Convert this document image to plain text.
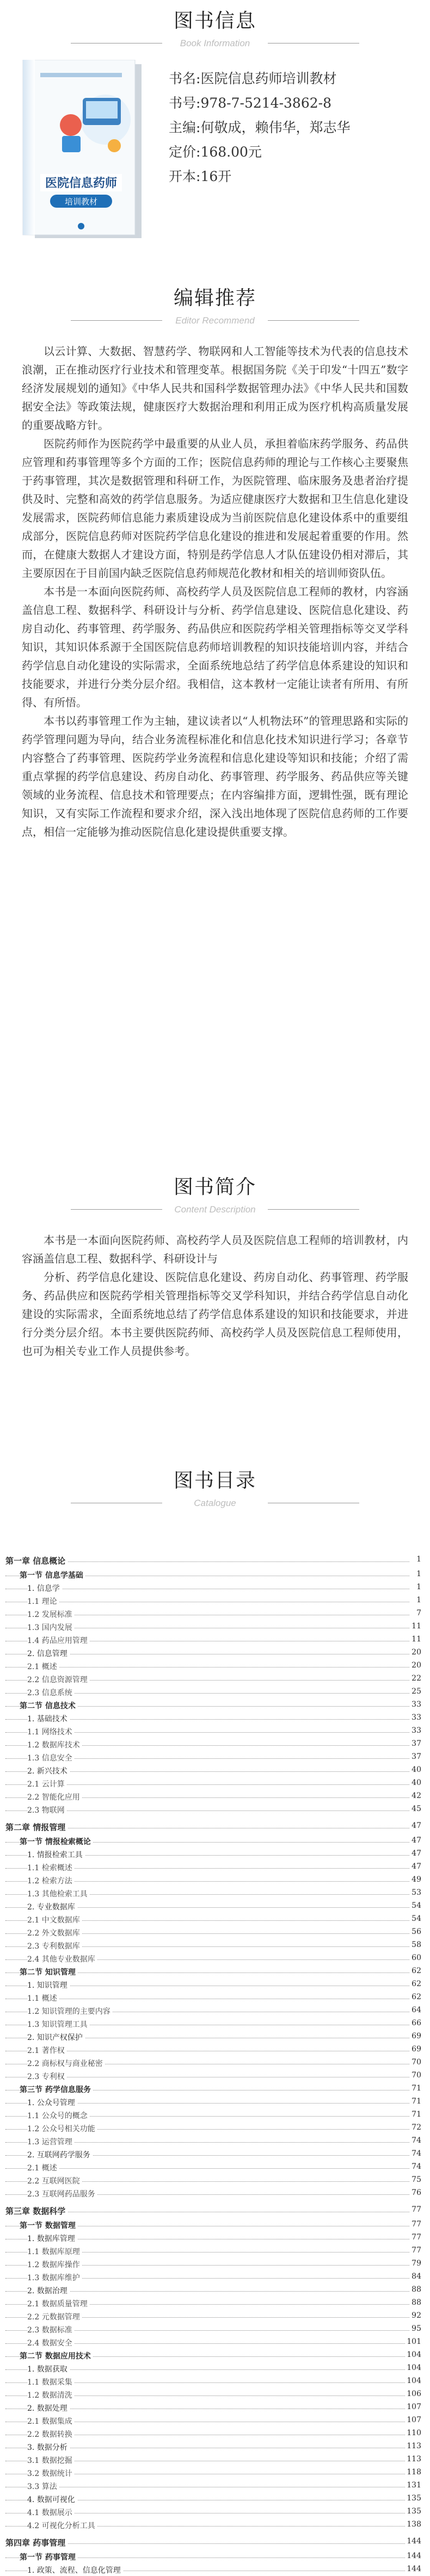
图书信息
Book Information
医院信息药师
培训教材
书名:医院信息药师培训教材
书号:978-7-5214-3862-8
主编:何敬成，赖伟华，郑志华
定价:168.00元
开本:16开
编辑推荐
Editor Recommend

以云计算、大数据、智慧药学、物联网和人工智能等技术为代表的信息技术浪潮，正在推动医疗行业技术和管理变革。根据国务院《关于印发“十四五”数字经济发展规划的通知》《中华人民共和国科学数据管理办法》《中华人民共和国数据安全法》等政策法规，健康医疗大数据治理和利用正成为医疗机构高质量发展的重要战略方针。

医院药师作为医院药学中最重要的从业人员，承担着临床药学服务、药品供应管理和药事管理等多个方面的工作；医院信息药师的理论与工作核心主要聚焦于药事管理，其次是数据管理和科研工作，为医院管理、临床服务及患者治疗提供及时、完整和高效的药学信息服务。为适应健康医疗大数据和卫生信息化建设发展需求，医院药师信息能力素质建设成为当前医院信息化建设体系中的重要组成部分，医院信息药师对医院药学信息化建设的推进和发展起着重要的作用。然而，在健康大数据人才建设方面，特别是药学信息人才队伍建设仍相对滞后，其主要原因在于目前国内缺乏医院信息药师规范化教材和相关的培训师资队伍。

本书是一本面向医院药师、高校药学人员及医院信息工程师的教材，内容涵盖信息工程、数据科学、科研设计与分析、药学信息建设、医院信息化建设、药房自动化、药事管理、药学服务、药品供应和医院药学相关管理指标等交叉学科知识，其知识体系源于全国医院信息药师培训教程的知识技能培训内容，并结合药学信息自动化建设的实际需求，全面系统地总结了药学信息体系建设的知识和技能要求，并进行分类分层介绍。我相信，这本教材一定能让读者有所用、有所得、有所悟。

本书以药事管理工作为主轴，建议读者以“人机物法环”的管理思路和实际的药学管理问题为导向，结合业务流程标准化和信息化技术知识进行学习；各章节内容整合了药事管理、医院药学业务流程和信息化建设等知识和技能；介绍了需重点掌握的药学信息建设、药房自动化、药事管理、药学服务、药品供应等关键领域的业务流程、信息技术和管理要点；在内容编排方面，逻辑性强，既有理论知识，又有实际工作流程和要求介绍，深入浅出地体现了医院信息药师的工作要点，相信一定能够为推动医院信息化建设提供重要支撑。

图书简介
Content Description

本书是一本面向医院药师、高校药学人员及医院信息工程师的培训教材，内容涵盖信息工程、数据科学、科研设计与

分析、药学信息化建设、医院信息化建设、药房自动化、药事管理、药学服务、药品供应和医院药学相关管理指标等交叉学科知识，并结合药学信息自动化建设的实际需求，全面系统地总结了药学信息体系建设的知识和技能要求，并进行分类分层介绍。本书主要供医院药师、高校药学人员及医院信息工程师使用，也可为相关专业工作人员提供参考。

图书目录
Catalogue
第一章 信息概论	1
第一节 信息学基础	1
1. 信息学	1
1.1 理论	1
1.2 发展标准	7
1.3 国内发展	11
1.4 药品应用管理	11
2. 信息管理	20
2.1 概述	20
2.2 信息资源管理	22
2.3 信息系统	25
第二节 信息技术	33
1. 基础技术	33
1.1 网络技术	33
1.2 数据库技术	37
1.3 信息安全	37
2. 新兴技术	40
2.1 云计算	40
2.2 智能化应用	42
2.3 物联网	45
第二章 情报管理	47
第一节 情报检索概论	47
1. 情报检索工具	47
1.1 检索概述	47
1.2 检索方法	49
1.3 其他检索工具	53
2. 专业数据库	54
2.1 中文数据库	54
2.2 外文数据库	56
2.3 专利数据库	58
2.4 其他专业数据库	60
第二节 知识管理	62
1. 知识管理	62
1.1 概述	62
1.2 知识管理的主要内容	64
1.3 知识管理工具	66
2. 知识产权保护	69
2.1 著作权	69
2.2 商标权与商业秘密	70
2.3 专利权	70
第三节 药学信息服务	71
1. 公众号管理	71
1.1 公众号的概念	71
1.2 公众号相关功能	72
1.3 运营管理	74
2. 互联网药学服务	74
2.1 概述	74
2.2 互联网医院	75
2.3 互联网药品服务	76
第三章 数据科学	77
第一节 数据管理	77
1. 数据库管理	77
1.1 数据库原理	77
1.2 数据库操作	79
1.3 数据库维护	84
2. 数据治理	88
2.1 数据质量管理	88
2.2 元数据管理	92
2.3 数据标准	95
2.4 数据安全	101
第二节 数据应用技术	104
1. 数据获取	104
1.1 数据采集	104
1.2 数据清洗	106
2. 数据处理	107
2.1 数据集成	107
2.2 数据转换	110
3. 数据分析	113
3.1 数据挖掘	113
3.2 数据统计	118
3.3 算法	131
4. 数据可视化	135
4.1 数据展示	135
4.2 可视化分析工具	138
第四章 药事管理	144
第一节 药事管理	144
1. 政策、流程、信息化管理	144
